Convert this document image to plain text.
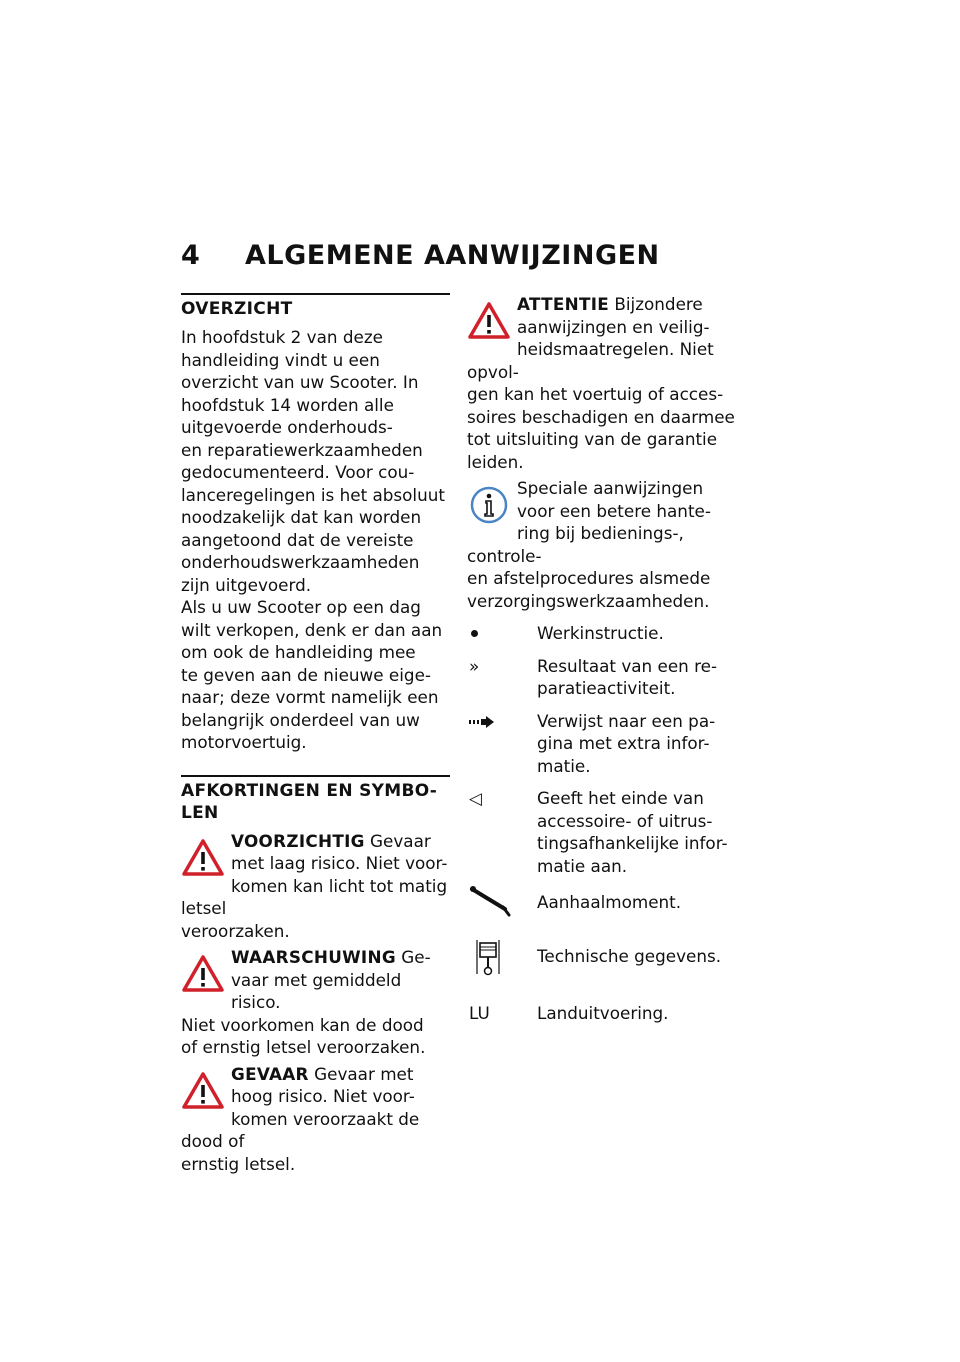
4 ALGEMENE AANWIJZINGEN
OVERZICHT

In hoofdstuk 2 van deze
handleiding vindt u een
overzicht van uw Scooter. In
hoofdstuk 14 worden alle
uitgevoerde onderhouds-
en reparatiewerkzaamheden
gedocumenteerd. Voor cou-
lanceregelingen is het absoluut
noodzakelijk dat kan worden
aangetoond dat de vereiste
onderhoudswerkzaamheden
zijn uitgevoerd.

Als u uw Scooter op een dag
wilt verkopen, denk er dan aan
om ook de handleiding mee
te geven aan de nieuwe eige-
naar; deze vormt namelijk een
belangrijk onderdeel van uw
motorvoertuig.

AFKORTINGEN EN SYMBO-
LEN
VOORZICHTIG Gevaar
met laag risico. Niet voor-
komen kan licht tot matig letsel
veroorzaken.
WAARSCHUWING Ge-
vaar met gemiddeld risico.
Niet voorkomen kan de dood
of ernstig letsel veroorzaken.
GEVAAR Gevaar met
hoog risico. Niet voor-
komen veroorzaakt de dood of
ernstig letsel.
ATTENTIE Bijzondere
aanwijzingen en veilig-
heidsmaatregelen. Niet opvol-
gen kan het voertuig of acces-
soires beschadigen en daarmee
tot uitsluiting van de garantie
leiden.
Speciale aanwijzingen
voor een betere hante-
ring bij bedienings-, controle-
en afstelprocedures alsmede
verzorgingswerkzaamheden.
Werkinstructie.
»	Resultaat van een re-
paratieactiviteit.
Verwijst naar een pa-
gina met extra infor-
matie.
◁	Geeft het einde van
accessoire- of uitrus-
tingsafhankelijke infor-
matie aan.
Aanhaalmoment.
Technische gegevens.
LU	Landuitvoering.
